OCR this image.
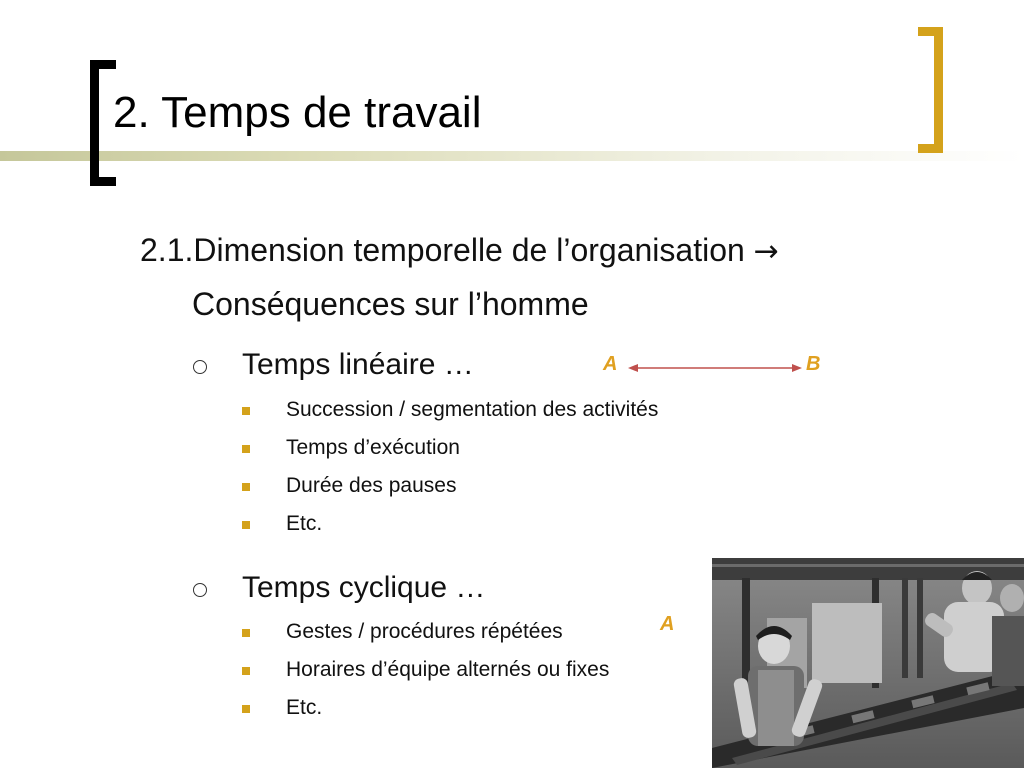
2. Temps de travail
2.1.Dimension temporelle de l’organisation →
Conséquences sur l’homme
Temps linéaire …	A	B
Succession / segmentation des activités
Temps d’exécution
Durée des pauses
Etc.
Temps cyclique …
A
Gestes / procédures répétées
Horaires d’équipe alternés ou fixes
Etc.
